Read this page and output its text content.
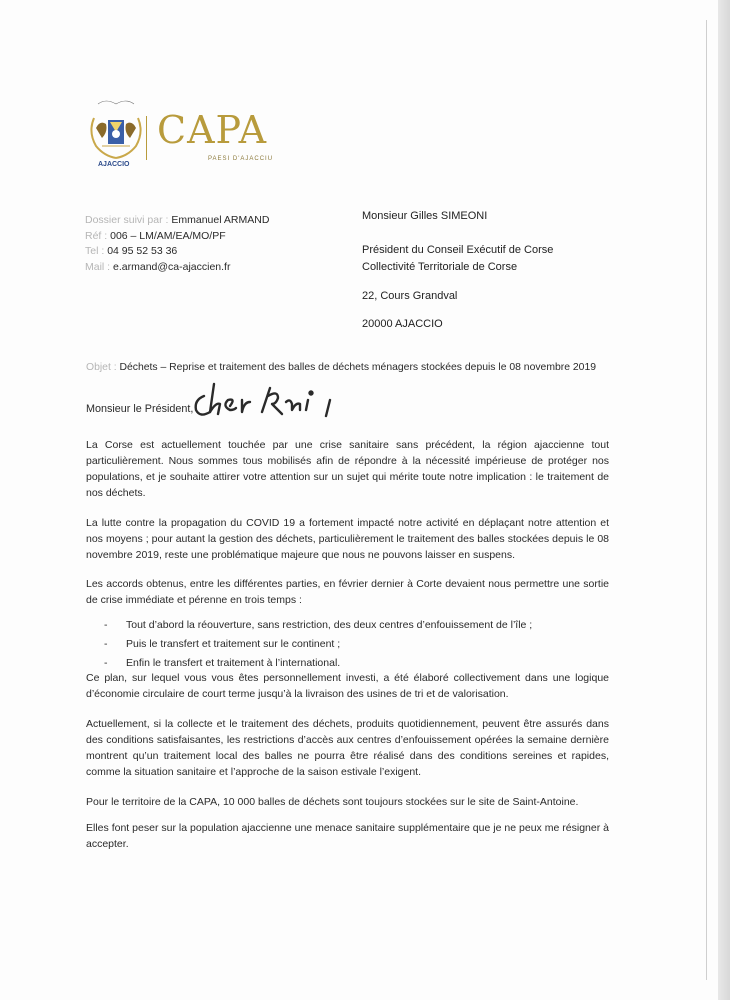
AJACCIO
CAPA
PAESI D'AJACCIU
Dossier suivi par : Emmanuel ARMAND
Réf : 006 – LM/AM/EA/MO/PF
Tel : 04 95 52 53 36
Mail : e.armand@ca-ajaccien.fr
Monsieur Gilles SIMEONI
Président du Conseil Exécutif de Corse
Collectivité Territoriale de Corse
22, Cours Grandval
20000 AJACCIO
Objet : Déchets – Reprise et traitement des balles de déchets ménagers stockées depuis le 08 novembre 2019
Monsieur le Président,
La Corse est actuellement touchée par une crise sanitaire sans précédent, la région ajaccienne tout particulièrement. Nous sommes tous mobilisés afin de répondre à la nécessité impérieuse de protéger nos populations, et je souhaite attirer votre attention sur un sujet qui mérite toute notre implication : le traitement de nos déchets.
La lutte contre la propagation du COVID 19 a fortement impacté notre activité en déplaçant notre attention et nos moyens ; pour autant la gestion des déchets, particulièrement le traitement des balles stockées depuis le 08 novembre 2019, reste une problématique majeure que nous ne pouvons laisser en suspens.
Les accords obtenus, entre les différentes parties, en février dernier à Corte devaient nous permettre une sortie de crise immédiate et pérenne en trois temps :
- Tout d’abord la réouverture, sans restriction, des deux centres d’enfouissement de l’île ;
- Puis le transfert et traitement sur le continent ;
- Enfin le transfert et traitement à l’international.
Ce plan, sur lequel vous vous êtes personnellement investi, a été élaboré collectivement dans une logique d’économie circulaire de court terme jusqu’à la livraison des usines de tri et de valorisation.
Actuellement, si la collecte et le traitement des déchets, produits quotidiennement, peuvent être assurés dans des conditions satisfaisantes, les restrictions d’accès aux centres d’enfouissement opérées la semaine dernière montrent qu’un traitement local des balles ne pourra être réalisé dans des conditions sereines et rapides, comme la situation sanitaire et l’approche de la saison estivale l’exigent.
Pour le territoire de la CAPA, 10 000 balles de déchets sont toujours stockées sur le site de Saint-Antoine.
Elles font peser sur la population ajaccienne une menace sanitaire supplémentaire que je ne peux me résigner à accepter.
